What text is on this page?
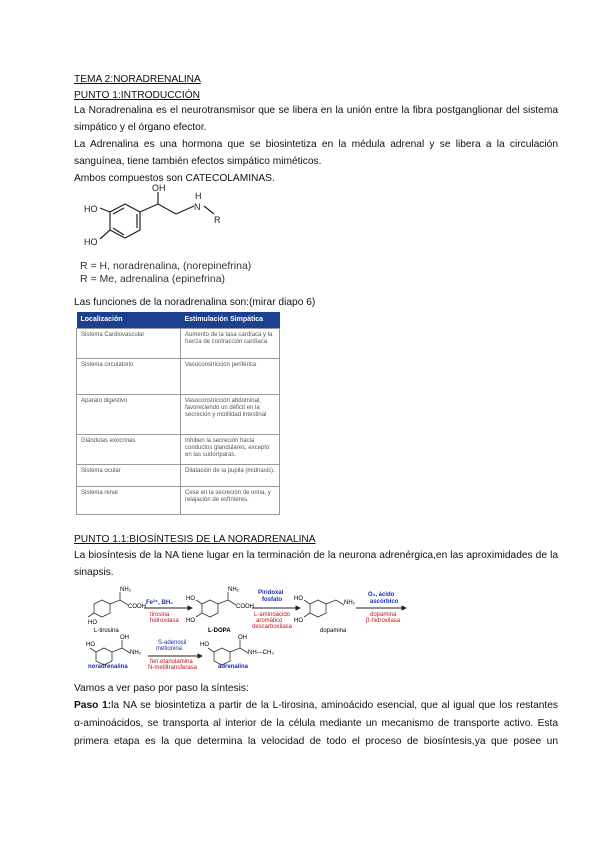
TEMA 2:NORADRENALINA
PUNTO 1:INTRODUCCIÓN

La Noradrenalina es el neurotransmisor que se libera en la unión entre la fibra postganglionar del sistema

simpático y el órgano efector.

La Adrenalina es una hormona que se biosintetiza en la médula adrenal y se libera a la circulación

sanguínea, tiene también efectos simpático miméticos.

Ambos compuestos son CATECOLAMINAS.

HO
HO
OH
N
H
R
R = H, noradrenalina, (norepinefrina)
R = Me, adrenalina (epinefrina)
Las funciones de la noradrenalina son:(mirar diapo 6)
Localización	Estimulación Simpática
Sistema Cardiovascular	Aumento de la tasa cardíaca y la fuerza de contracción cardíaca
Sistema circulatorio	Vasoconstricción periférica
Aparato digestivo	Vasoconstricción abdominal, favoreciendo un déficit en la secreción y motilidad intestinal
Glándulas exocrinas	Inhiben la secreción hacia conductos glandulares, excepto en las sudoríparas.
Sistema ocular	Dilatación de la pupila (midriasis).
Sistema renal	Cese en la secreción de orina, y relajación de esfínteres.
PUNTO 1.1:BIOSÍNTESIS DE LA NORADRENALINA

La biosíntesis de la NA tiene lugar en la terminación de la neurona adrenérgica,en las aproximidades de la

sinapsis.

NH₂
COOH
HO
L-tirosina
NH₂
COOH
HO
HO
L-DOPA
NH₂
HO
HO
dopamina
OH
NH₂
HO
noradrenalina
OH
NH—CH₃
HO
adrenalina
Fe²⁺, BH₄
tirosina
hidroxilasa
Piridoxal
fosfato
L-aminoácido
aromático
descarboxilasa
O₂, ácido
ascórbico
dopamina
β-hidroxilasa
S-adenosil
metionina
fen.etanolamina
N-metiltransferasa
Vamos a ver paso por paso la síntesis:

Paso 1:la NA se biosintetiza a partir de la L-tirosina, aminoácido esencial, que al igual que los restantes

α-aminoácidos, se transporta al interior de la célula mediante un mecanismo de transporte activo. Esta

primera etapa es la que determina la velocidad de todo el proceso de biosíntesis,ya que posee un
